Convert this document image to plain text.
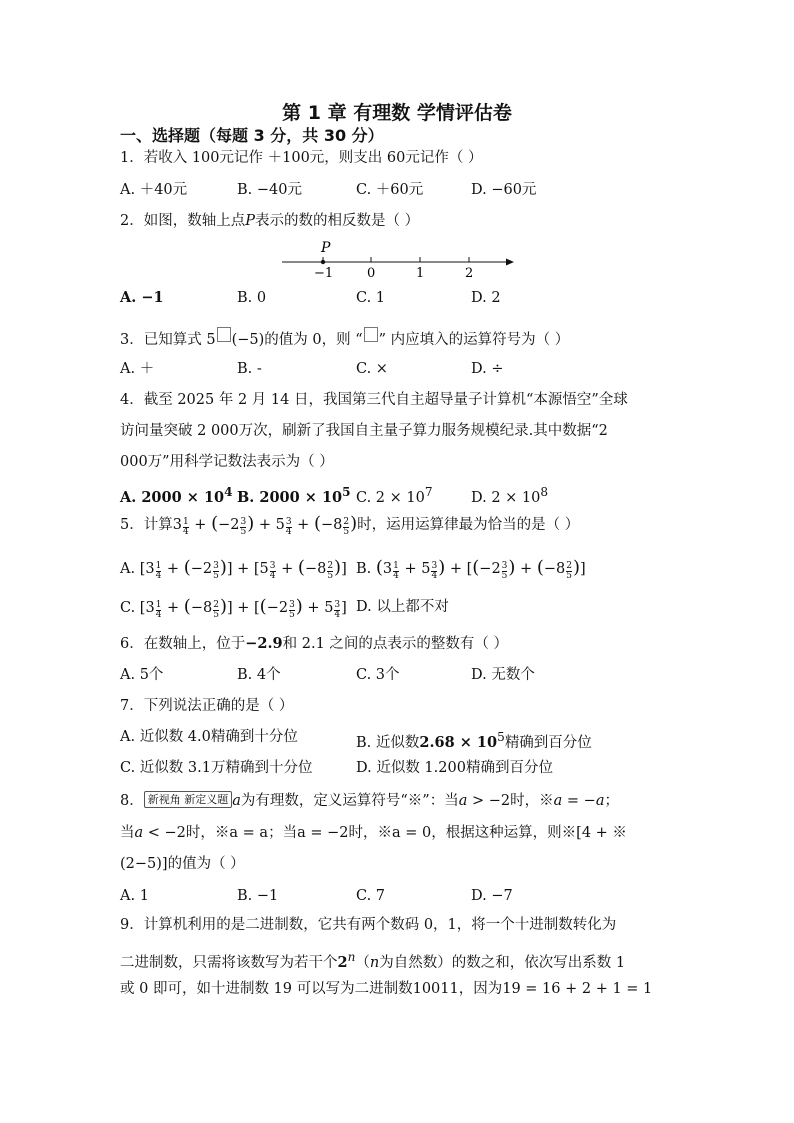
第 1 章 有理数 学情评估卷
一、选择题（每题 3 分，共 30 分）
1．若收入 100元记作 ＋100元，则支出 60元记作（ ）
A. ＋40元	B. −40元	C. ＋60元	D. −60元
2．如图，数轴上点P表示的数的相反数是（ ）
P
−1	0	1	2
A. −1	B. 0	C. 1	D. 2
3．已知算式 5 (−5)的值为 0，则 “ ” 内应填入的运算符号为（ ）
A. ＋	B. -	C. ×	D. ÷
4．截至 2025 年 2 月 14 日，我国第三代自主超导量子计算机“本源悟空”全球
访问量突破 2 000万次，刷新了我国自主量子算力服务规模纪录.其中数据“2
000万”用科学记数法表示为（ ）
A. $2000 \times 10^4$ B. $2000 \times 10^5$ C. $2 \times 10^7$	D. $2 \times 10^8$
5．计算$3 \frac{1}{4} + (-2 \frac{3}{5}$ ) + $5 \frac{3}{4} + (-8 \frac{2}{5}$ )时，运用运算律最为恰当的是（ ）
A. [$3 \frac{1}{4} + (-2 \frac{3}{5}$ )] + [$5 \frac{3}{4} + (-8 \frac{2}{5}$ )] B. ($3 \frac{1}{4} + 5 \frac{3}{4}$ ) + [($-2 \frac{3}{5}$ ) + ($-8 \frac{2}{5}$ )]
C. [$3 \frac{1}{4} + (-8 \frac{2}{5}$ )] + [($-2 \frac{3}{5}$ ) + $5 \frac{3}{4}$ ] D. 以上都不对
6．在数轴上，位于−2.9和 2.1 之间的点表示的整数有（ ）
A. 5个	B. 4个	C. 3个	D. 无数个
7．下列说法正确的是（ ）
A. 近似数 4.0精确到十分位	B. 近似数$2.68 \times 10^5$精确到百分位
C. 近似数 3.1万精确到十分位	D. 近似数 1.200精确到百分位
8． 新视角 新定义题 a为有理数，定义运算符号“※”：当a > −2时，※a = −a；
当a < −2时，※a = a；当a = −2时，※a = 0，根据这种运算，则※[4 + ※
(2−5)]的值为（ ）
A. 1	B. −1	C. 7	D. −7
9．计算机利用的是二进制数，它共有两个数码 0，1，将一个十进制数转化为
二进制数，只需将该数写为若干个2$^n$（n为自然数）的数之和，依次写出系数 1
或 0 即可，如十进制数 19 可以写为二进制数10011，因为19 = 16 + 2 + 1 = 1
